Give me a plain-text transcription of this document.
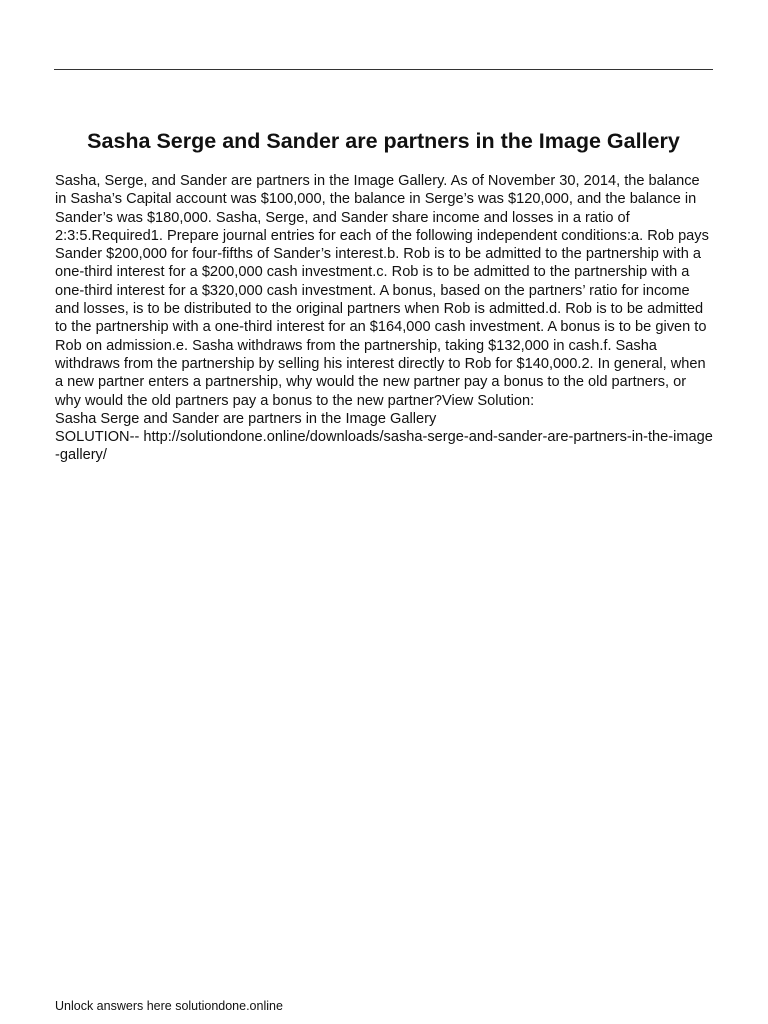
Sasha Serge and Sander are partners in the Image Gallery

Sasha, Serge, and Sander are partners in the Image Gallery. As of November 30, 2014, the balance in Sasha’s Capital account was $100,000, the balance in Serge’s was $120,000, and the balance in Sander’s was $180,000. Sasha, Serge, and Sander share income and losses in a ratio of 2:3:5.Required1. Prepare journal entries for each of the following independent conditions:a. Rob pays Sander $200,000 for four-fifths of Sander’s interest.b. Rob is to be admitted to the partnership with a one-third interest for a $200,000 cash investment.c. Rob is to be admitted to the partnership with a one-third interest for a $320,000 cash investment. A bonus, based on the partners’ ratio for income and losses, is to be distributed to the original partners when Rob is admitted.d. Rob is to be admitted to the partnership with a one-third interest for an $164,000 cash investment. A bonus is to be given to Rob on admission.e. Sasha withdraws from the partnership, taking $132,000 in cash.f. Sasha withdraws from the partnership by selling his interest directly to Rob for $140,000.2. In general, when a new partner enters a partnership, why would the new partner pay a bonus to the old partners, or why would the old partners pay a bonus to the new partner?View Solution:

Sasha Serge and Sander are partners in the Image Gallery

SOLUTION-- http://solutiondone.online/downloads/sasha-serge-and-sander-are-partners-in-the-image-gallery/

Unlock answers here solutiondone.online
